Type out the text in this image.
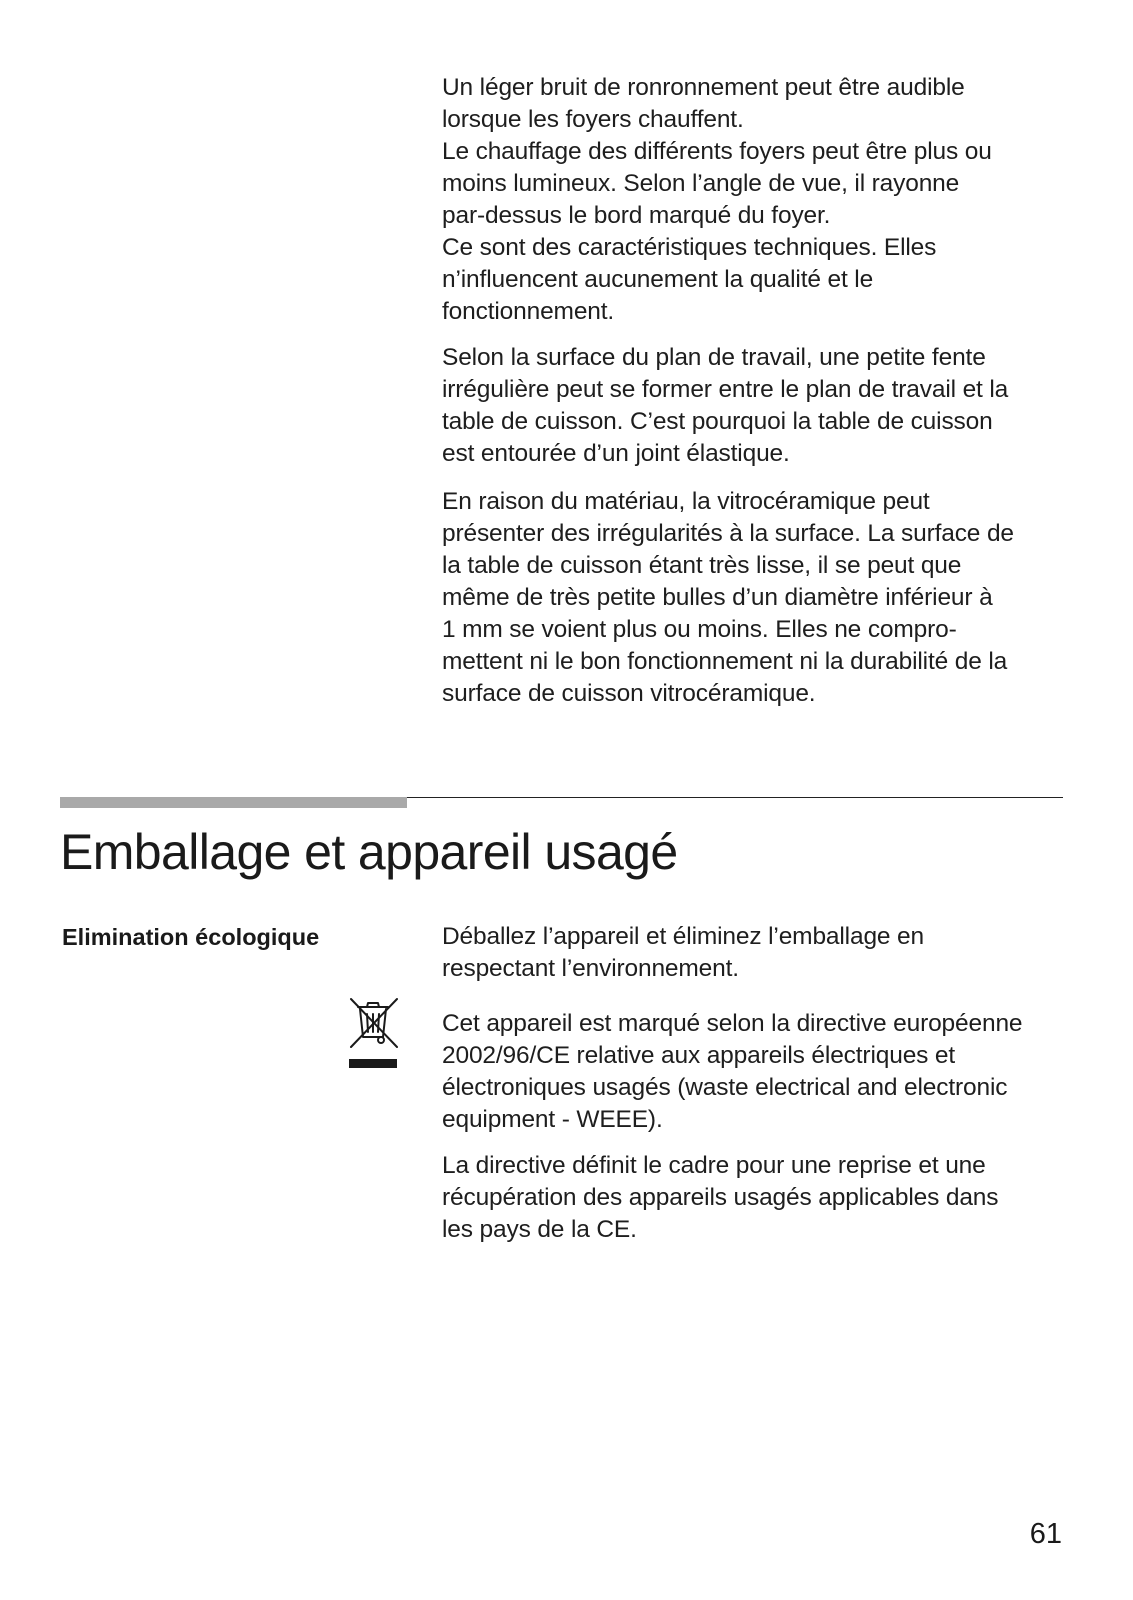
Un léger bruit de ronronnement peut être audible
lorsque les foyers chauffent.
Le chauffage des différents foyers peut être plus ou
moins lumineux. Selon l’angle de vue, il rayonne
par-dessus le bord marqué du foyer.
Ce sont des caractéristiques techniques. Elles
n’influencent aucunement la qualité et le
fonctionnement.

Selon la surface du plan de travail, une petite fente
irrégulière peut se former entre le plan de travail et la
table de cuisson. C’est pourquoi la table de cuisson
est entourée d’un joint élastique.

En raison du matériau, la vitrocéramique peut
présenter des irrégularités à la surface. La surface de
la table de cuisson étant très lisse, il se peut que
même de très petite bulles d’un diamètre inférieur à
1 mm se voient plus ou moins. Elles ne compro-
mettent ni le bon fonctionnement ni la durabilité de la
surface de cuisson vitrocéramique.

Emballage et appareil usagé
Elimination écologique	Déballez l’appareil et éliminez l’emballage en
respectant l’environnement.

Cet appareil est marqué selon la directive européenne
2002/96/CE relative aux appareils électriques et
électroniques usagés (waste electrical and electronic
equipment - WEEE).

La directive définit le cadre pour une reprise et une
récupération des appareils usagés applicables dans
les pays de la CE.

61
